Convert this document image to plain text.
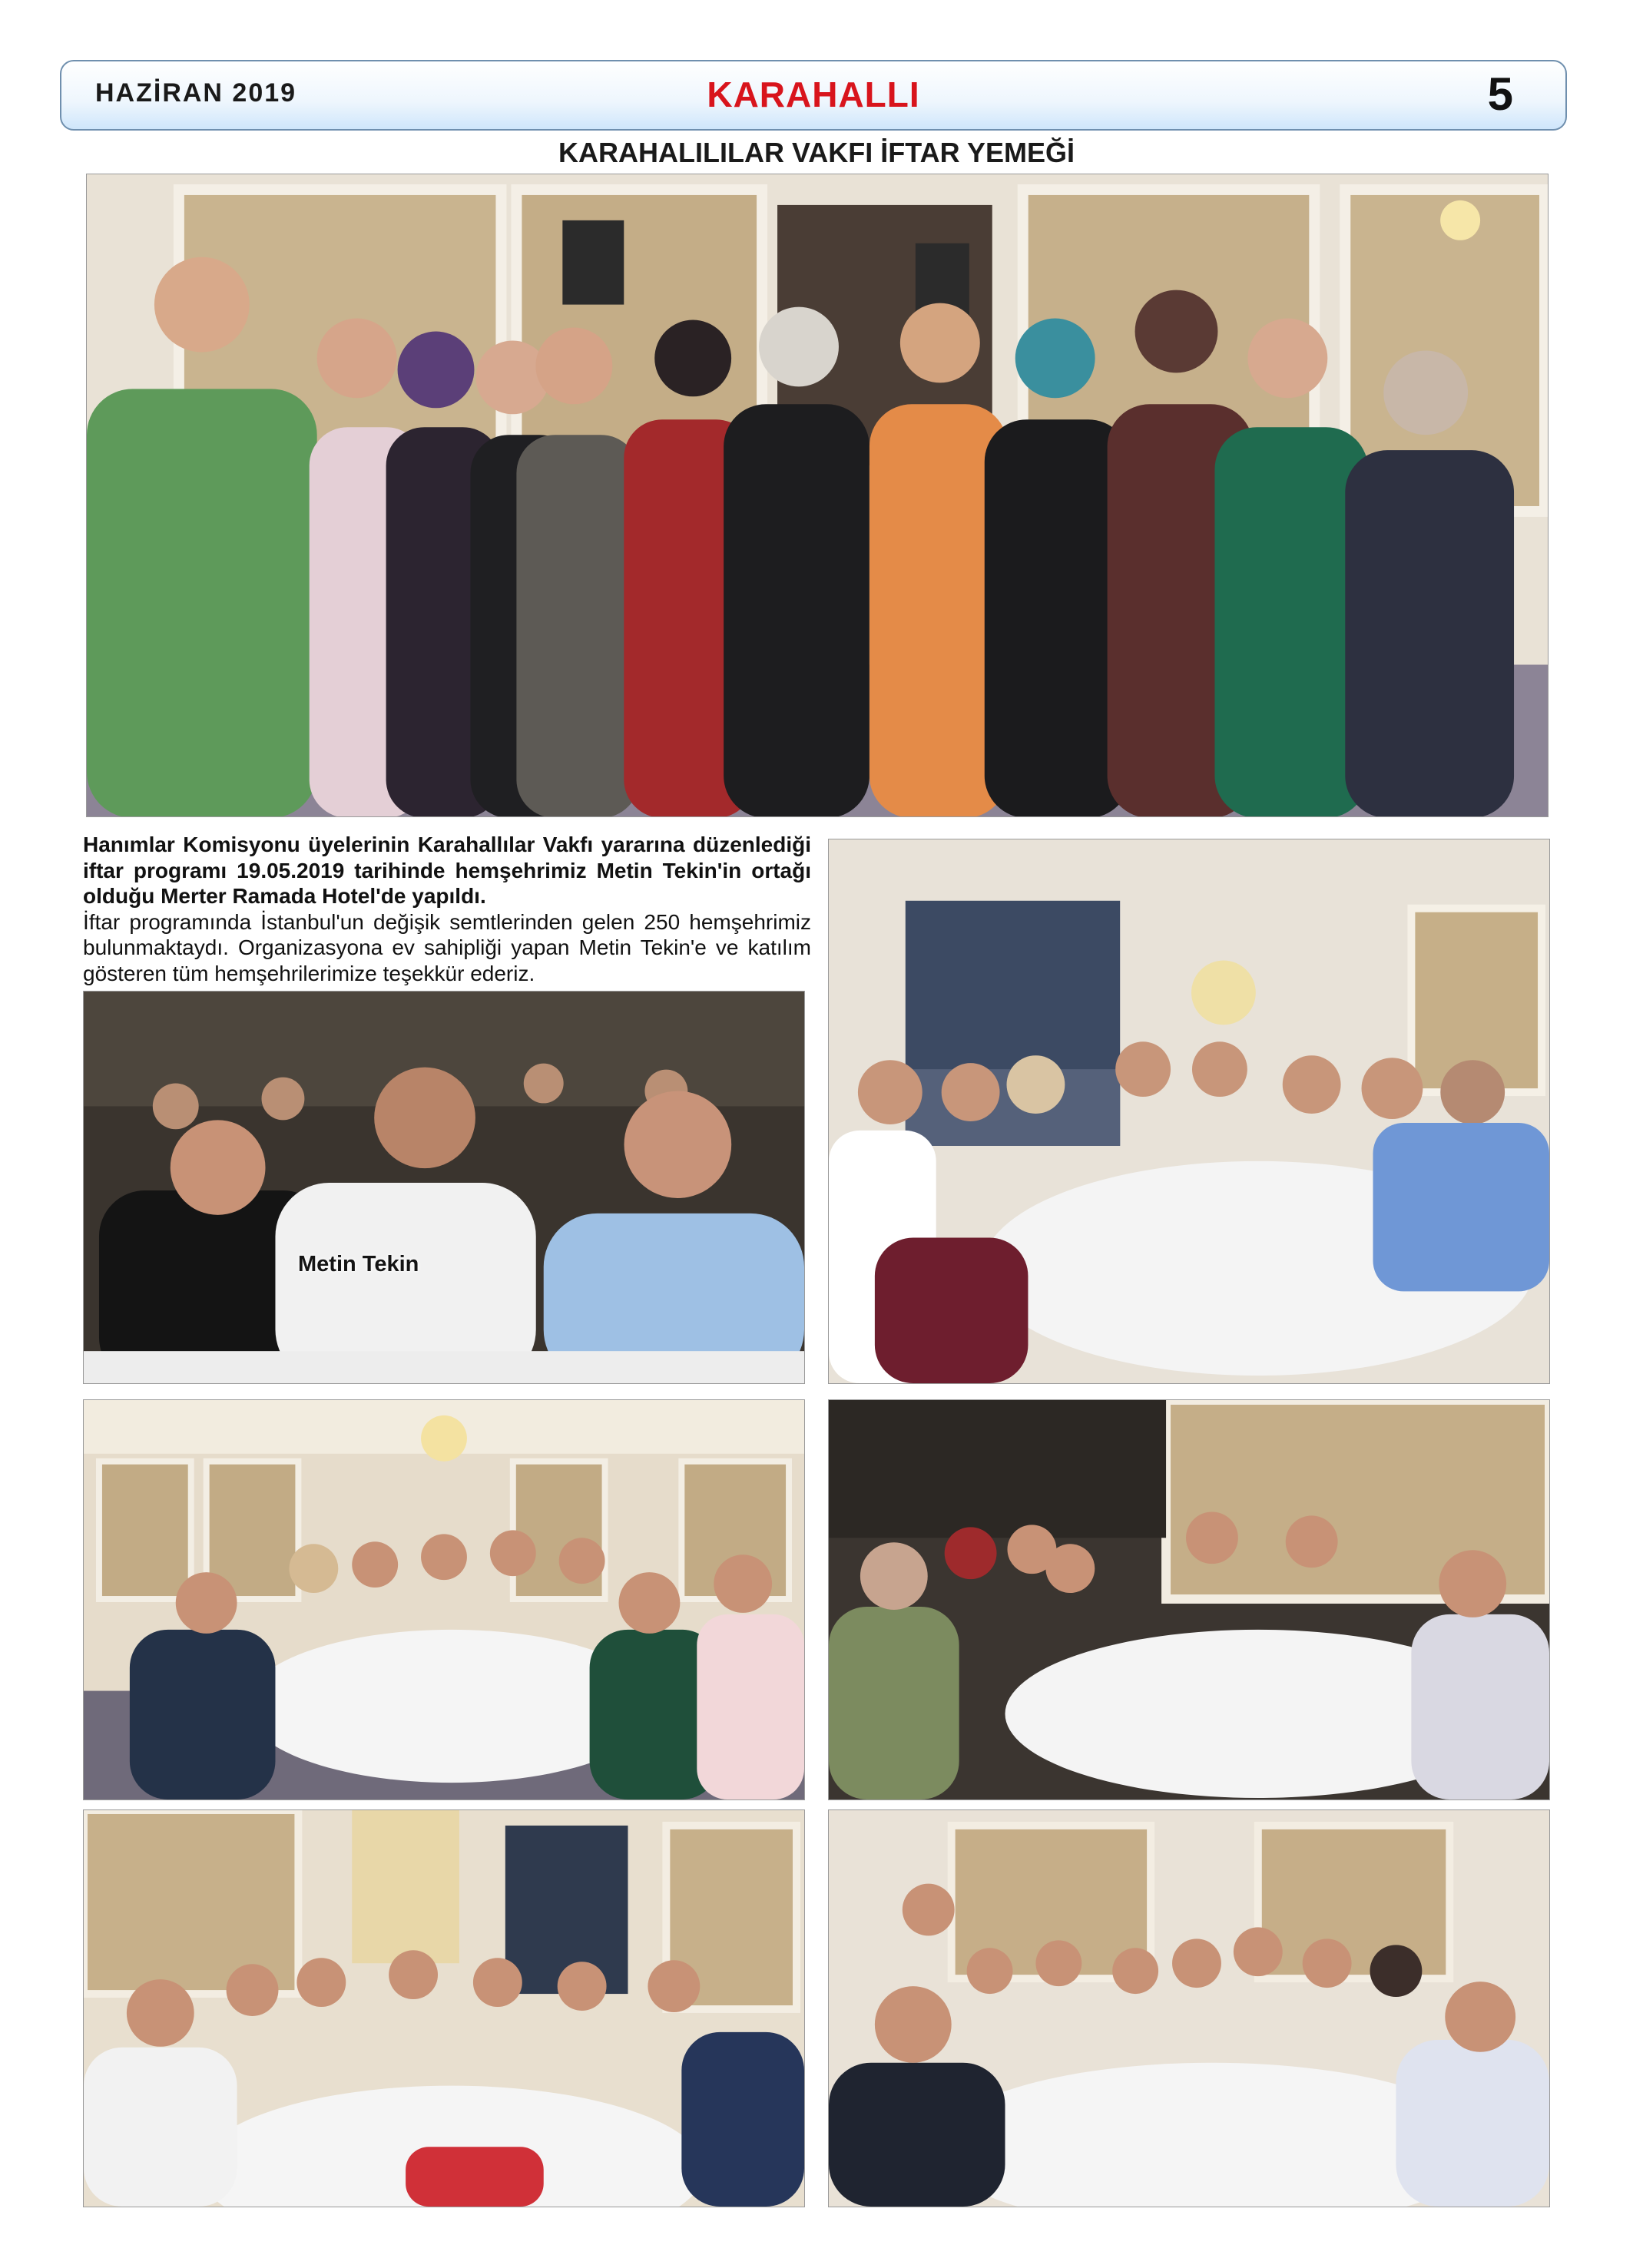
HAZİRAN 2019	KARAHALLI	5
KARAHALILILAR VAKFI İFTAR YEMEĞİ

Hanımlar Komisyonu üyelerinin Karahallılar Vakfı yararına düzenlediği iftar programı 19.05.2019 tarihinde hemşehrimiz Metin Tekin'in ortağı olduğu Merter Ramada Hotel'de yapıldı.

İftar programında İstanbul'un değişik semtlerinden gelen 250 hemşehrimiz bulunmaktaydı. Organizasyona ev sahipliği yapan Metin Tekin'e ve katılım gösteren tüm hemşehrilerimize teşekkür ederiz.

Metin Tekin
